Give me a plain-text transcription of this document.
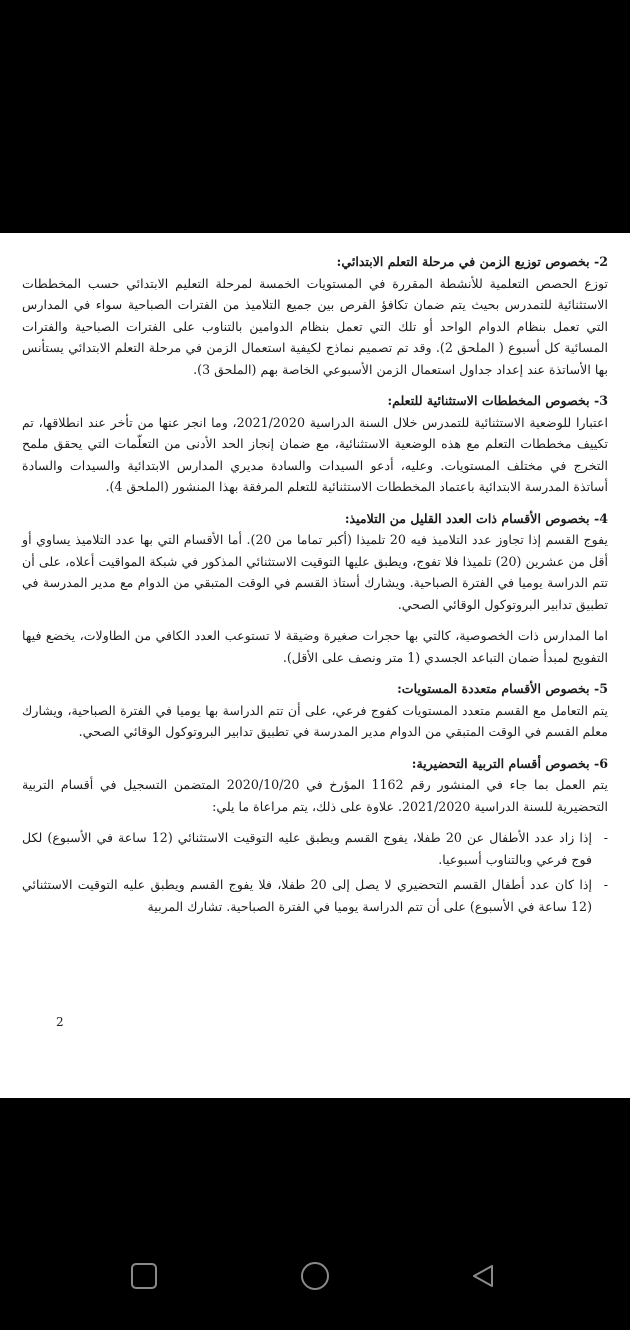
2- بخصوص توزيع الزمن في مرحلة التعلم الابتدائي:

توزع الحصص التعلمية للأنشطة المقررة في المستويات الخمسة لمرحلة التعليم الابتدائي حسب المخططات الاستثنائية للتمدرس بحيث يتم ضمان تكافؤ الفرص بين جميع التلاميذ من الفترات الصباحية سواء في المدارس التي تعمل بنظام الدوام الواحد أو تلك التي تعمل بنظام الدوامين بالتناوب على الفترات الصباحية والفترات المسائية كل أسبوع ( الملحق 2). وقد تم تصميم نماذج لكيفية استعمال الزمن في مرحلة التعلم الابتدائي يستأنس بها الأساتذة عند إعداد جداول استعمال الزمن الأسبوعي الخاصة بهم (الملحق 3).

3- بخصوص المخططات الاستثنائية للتعلم:

اعتبارا للوضعية الاستثنائية للتمدرس خلال السنة الدراسية 2021/2020، وما انجر عنها من تأخر عند انطلاقها، تم تكييف مخططات التعلم مع هذه الوضعية الاستثنائية، مع ضمان إنجاز الحد الأدنى من التعلّمات التي يحقق ملمح التخرج في مختلف المستويات. وعليه، أدعو السيدات والسادة مديري المدارس الابتدائية والسيدات والسادة أساتذة المدرسة الابتدائية باعتماد المخططات الاستثنائية للتعلم المرفقة بهذا المنشور (الملحق 4).

4- بخصوص الأقسام ذات العدد القليل من التلاميذ:

يفوج القسم إذا تجاوز عدد التلاميذ فيه 20 تلميذا (أكبر تماما من 20). أما الأقسام التي بها عدد التلاميذ يساوي أو أقل من عشرين (20) تلميذا فلا تفوج، ويطبق عليها التوقيت الاستثنائي المذكور في شبكة المواقيت أعلاه، على أن تتم الدراسة يوميا في الفترة الصباحية. ويشارك أستاذ القسم في الوقت المتبقي من الدوام مع مدير المدرسة في تطبيق تدابير البروتوكول الوقائي الصحي.

اما المدارس ذات الخصوصية، كالتي بها حجرات صغيرة وضيقة لا تستوعب العدد الكافي من الطاولات، يخضع فيها التفويج لمبدأ ضمان التباعد الجسدي (1 متر ونصف على الأقل).

5- بخصوص الأقسام متعددة المستويات:

يتم التعامل مع القسم متعدد المستويات كفوج فرعي، على أن تتم الدراسة بها يوميا في الفترة الصباحية، ويشارك معلم القسم في الوقت المتبقي من الدوام مدير المدرسة في تطبيق تدابير البروتوكول الوقائي الصحي.

6- بخصوص أقسام التربية التحضيرية:

يتم العمل بما جاء في المنشور رقم 1162 المؤرخ في 2020/10/20 المتضمن التسجيل في أقسام التربية التحضيرية للسنة الدراسية 2021/2020. علاوة على ذلك، يتم مراعاة ما يلي:

- إذا زاد عدد الأطفال عن 20 طفلا، يفوج القسم ويطبق عليه التوقيت الاستثنائي (12 ساعة في الأسبوع) لكل فوج فرعي وبالتناوب أسبوعيا.
- إذا كان عدد أطفال القسم التحضيري لا يصل إلى 20 طفلا، فلا يفوج القسم ويطبق عليه التوقيت الاستثنائي (12 ساعة في الأسبوع) على أن تتم الدراسة يوميا في الفترة الصباحية. تشارك المربية
2
